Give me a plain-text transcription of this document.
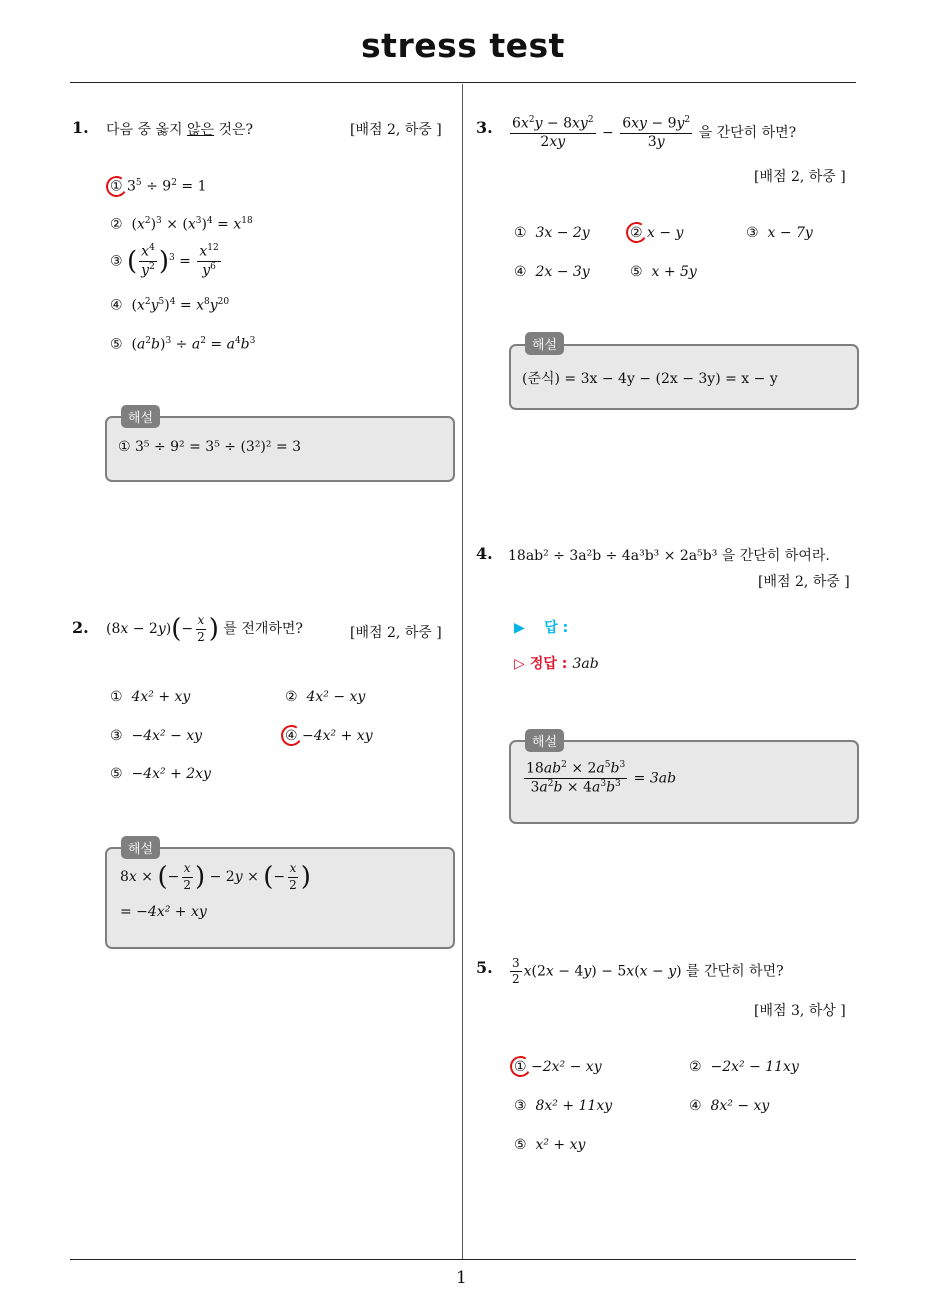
stress test
1
1. 다음 중 옳지 않은 것은?	[배점 2, 하중 ]
① $3^5 \div 9^2 = 1$
②  $(x^2)^3 \times (x^3)^4 = x^{18}$
③ ( $\frac{x^4}{y^2} )^3 = \frac{x^{12}}{y^6}$
④  $(x^2y^5)^4 = x^8y^{20}$
⑤  $(a^2b)^3 \div a^2 = a^4b^3$
해설
① 3⁵ ÷ 9² = 3⁵ ÷ (3²)² = 3
2. $(8x - 2y)(- \frac{x}{2}$ ) 를 전개하면?	[배점 2, 하중 ]
① 4x² + xy	② 4x² − xy
③ −4x² − xy	④ −4x² + xy
⑤ −4x² + 2xy
해설
8x × (− $\frac{x}{2}$ ) − 2y × (− $\frac{x}{2}$ )
= −4x² + xy
3. $\frac{6x^2y - 8xy^2}{2xy} - \frac{6xy - 9y^2}{3y}$ 을 간단히 하면?
[배점 2, 하중 ]
① 3x − 2y	② x − y	③ x − 7y
④ 2x − 3y	⑤ x + 5y
해설
(준식) = 3x − 4y − (2x − 3y) = x − y
4. 18ab² ÷ 3a²b ÷ 4a³b³ × 2a⁵b³ 을 간단히 하여라.
[배점 2, 하중 ]
▶ 답 :
▷ 정답 : 3ab
해설
$\frac{18ab^2 \times 2a^5b^3}{3a^2b \times 4a^3b^3} = 3ab$
5. $\frac{3}{2} x(2x - 4y) - 5x(x - y)$ 를 간단히 하면?
[배점 3, 하상 ]
① −2x² − xy	② −2x² − 11xy
③ 8x² + 11xy	④ 8x² − xy
⑤ x² + xy
